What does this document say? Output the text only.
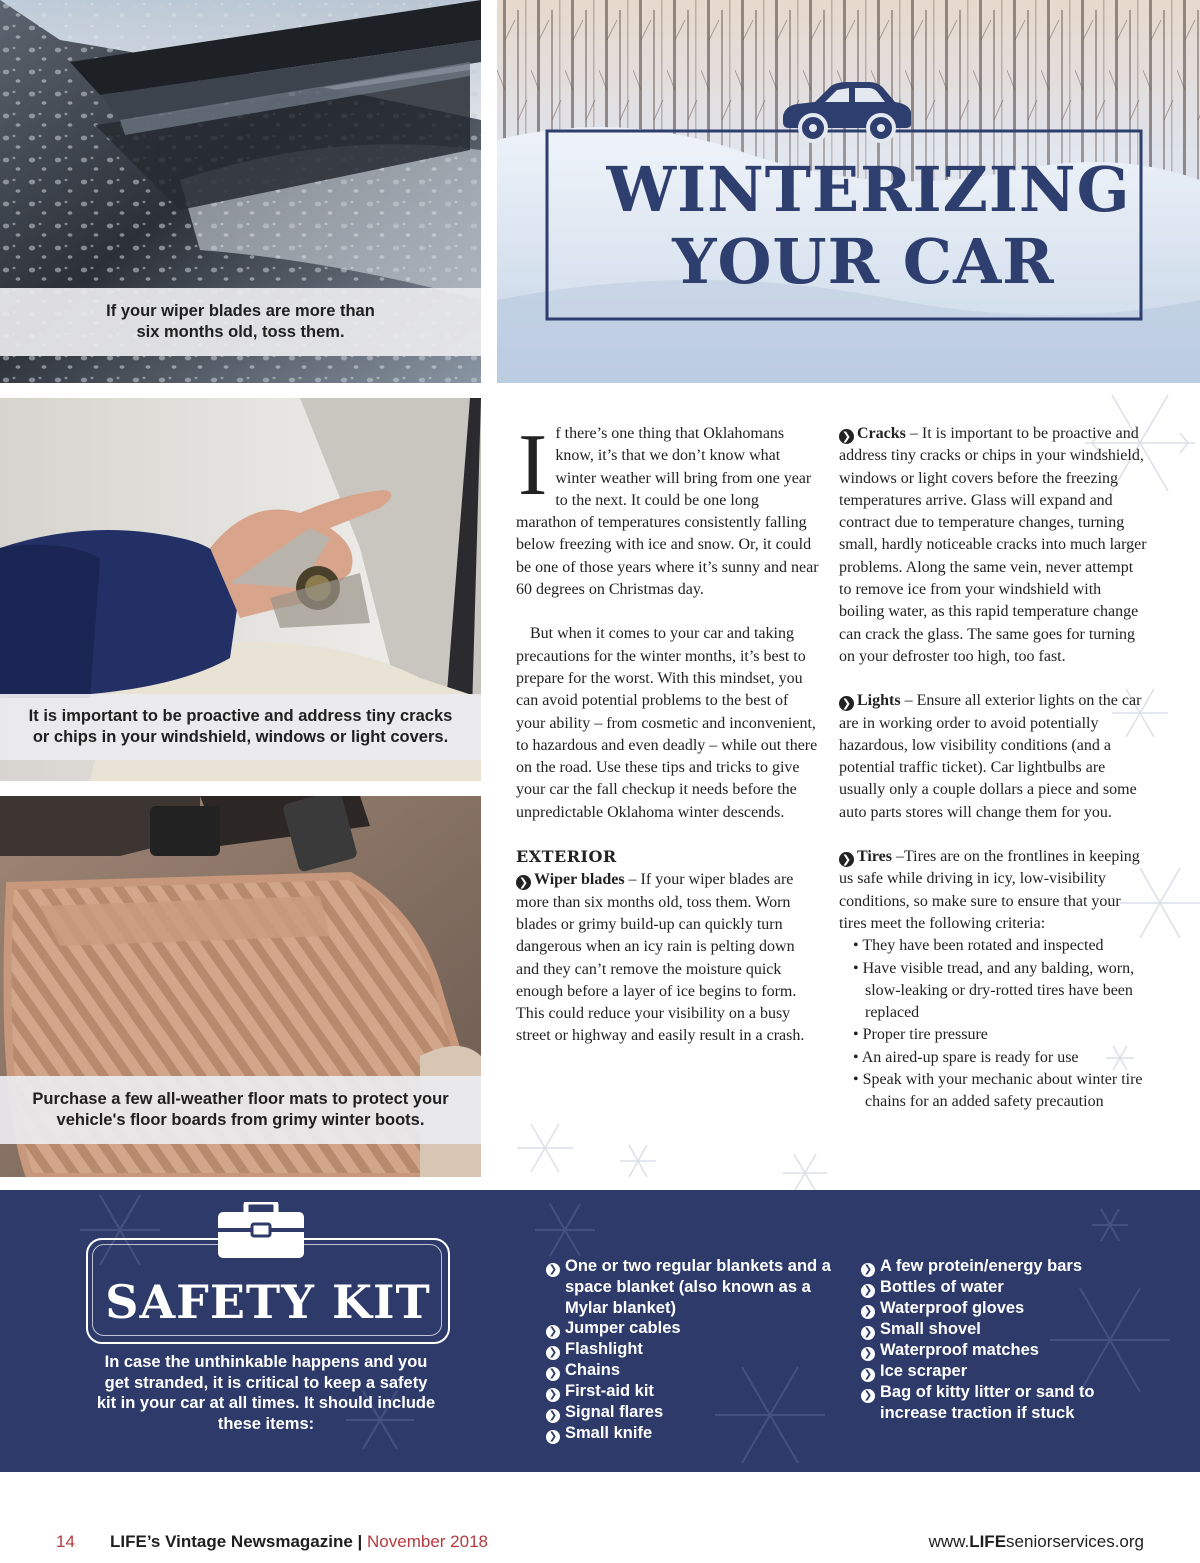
If your wiper blades are more than
six months old, toss them.
WINTERIZING
YOUR CAR
It is important to be proactive and address tiny cracks
or chips in your windshield, windows or light covers.
Purchase a few all-weather floor mats to protect your
vehicle's floor boards from grimy winter boots.

If there’s one thing that Oklahomans know, it’s that we don’t know what winter weather will bring from one year to the next. It could be one long marathon of temperatures consistently falling below freezing with ice and snow. Or, it could be one of those years where it’s sunny and near 60 degrees on Christmas day.

But when it comes to your car and taking precautions for the winter months, it’s best to prepare for the worst. With this mindset, you can avoid potential problems to the best of your ability – from cosmetic and inconvenient, to hazardous and even deadly – while out there on the road. Use these tips and tricks to give your car the fall checkup it needs before the unpredictable Oklahoma winter descends.

EXTERIOR

❯ Wiper blades – If your wiper blades are more than six months old, toss them. Worn blades or grimy build-up can quickly turn dangerous when an icy rain is pelting down and they can’t remove the moisture quick enough before a layer of ice begins to form. This could reduce your visibility on a busy street or highway and easily result in a crash.

❯ Cracks – It is important to be proactive and address tiny cracks or chips in your windshield, windows or light covers before the freezing temperatures arrive. Glass will expand and contract due to temperature changes, turning small, hardly noticeable cracks into much larger problems. Along the same vein, never attempt to remove ice from your windshield with boiling water, as this rapid temperature change can crack the glass. The same goes for turning on your defroster too high, too fast.

❯ Lights – Ensure all exterior lights on the car are in working order to avoid potentially hazardous, low visibility conditions (and a potential traffic ticket). Car lightbulbs are usually only a couple dollars a piece and some auto parts stores will change them for you.

❯ Tires –Tires are on the frontlines in keeping us safe while driving in icy, low-visibility conditions, so make sure to ensure that your tires meet the following criteria:

• They have been rotated and inspected

• Have visible tread, and any balding, worn, slow-leaking or dry-rotted tires have been replaced

• Proper tire pressure

• An aired-up spare is ready for use

• Speak with your mechanic about winter tire chains for an added safety precaution

SAFETY KIT
In case the unthinkable happens and you get stranded, it is critical to keep a safety kit in your car at all times. It should include these items:
❯ One or two regular blankets and a space blanket (also known as a Mylar blanket)
❯ Jumper cables
❯ Flashlight
❯ Chains
❯ First-aid kit
❯ Signal flares
❯ Small knife
❯ A few protein/energy bars
❯ Bottles of water
❯ Waterproof gloves
❯ Small shovel
❯ Waterproof matches
❯ Ice scraper
❯ Bag of kitty litter or sand to increase traction if stuck
14 LIFE’s Vintage Newsmagazine | November 2018	www.LIFEseniorservices.org
